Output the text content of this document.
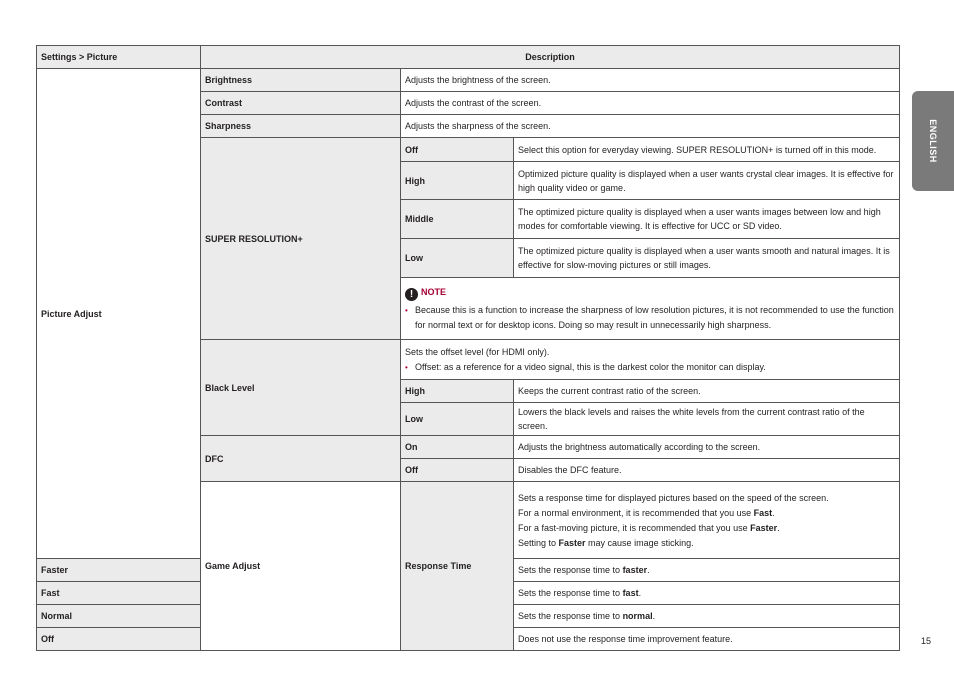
Settings > Picture	Description		
Picture Adjust	Brightness	Adjusts the brightness of the screen.	
	Contrast	Adjusts the contrast of the screen.	
	Sharpness	Adjusts the sharpness of the screen.	
	SUPER RESOLUTION+	Off	Select this option for everyday viewing. SUPER RESOLUTION+ is turned off in this mode.
		High	Optimized picture quality is displayed when a user wants crystal clear images. It is effective for high quality video or game.
		Middle	The optimized picture quality is displayed when a user wants images between low and high modes for comfortable viewing. It is effective for UCC or SD video.
		Low	The optimized picture quality is displayed when a user wants smooth and natural images. It is effective for slow-moving pictures or still images.

		! NOTE
• Because this is a function to increase the sharpness of low resolution pictures, it is not recommended to use the function for normal text or for desktop icons. Doing so may result in unnecessarily high sharpness.	

	Black Level	Sets the offset level (for HDMI only).
• Offset: as a reference for a video signal, this is the darkest color the monitor can display.	

		High	Keeps the current contrast ratio of the screen.
		Low	Lowers the black levels and raises the white levels from the current contrast ratio of the screen.
	DFC	On	Adjusts the brightness automatically according to the screen.
		Off	Disables the DFC feature.
	Game Adjust	Response Time	Sets a response time for displayed pictures based on the speed of the screen.
For a normal environment, it is recommended that you use Fast.
For a fast-moving picture, it is recommended that you use Faster.
Setting to Faster may cause image sticking.

Faster			Sets the response time to faster.
Fast			Sets the response time to fast.
Normal			Sets the response time to normal.
Off			Does not use the response time improvement feature.
ENGLISH
15
